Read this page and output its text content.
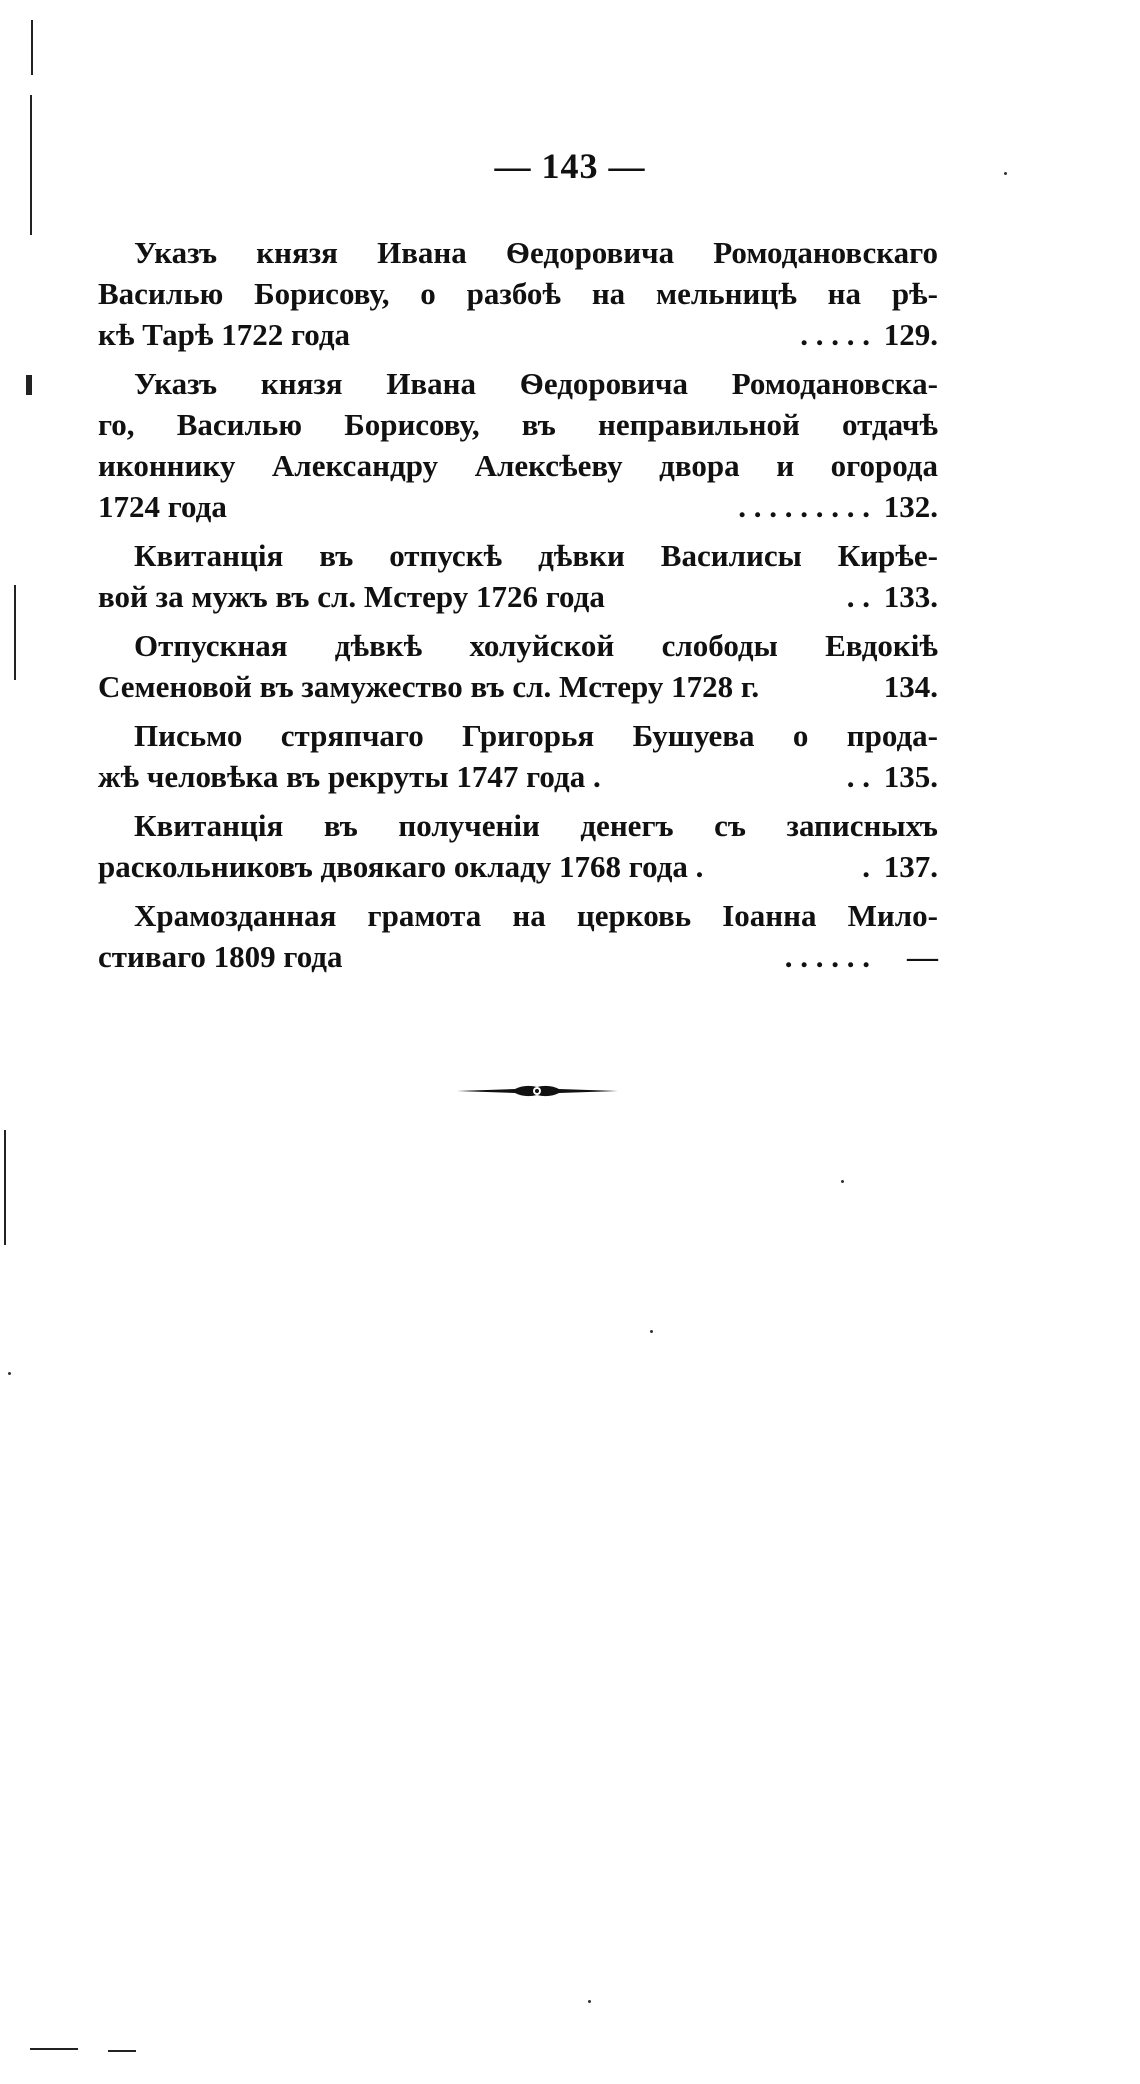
— 143 —
Указъ князя Ивана Ѳедоровича Ромодановскаго
Василью Борисову, о разбоѣ на мельницѣ на рѣ-
кѣ Тарѣ 1722 года	. . . . . 129.
Указъ князя Ивана Ѳедоровича Ромодановска-
го, Василью Борисову, въ неправильной отдачѣ
иконнику Александру Алексѣеву двора и огорода
1724 года	. . . . . . . . . 132.
Квитанція въ отпускѣ дѣвки Василисы Кирѣе-
вой за мужъ въ сл. Мстеру 1726 года	. . 133.
Отпускная дѣвкѣ холуйской слободы Евдокіѣ
Семеновой въ замужество въ сл. Мстеру 1728 г.	134.
Письмо стряпчаго Григорья Бушуева о прода-
жѣ человѣка въ рекруты 1747 года .	. . 135.
Квитанція въ полученіи денегъ съ записныхъ
раскольниковъ двоякаго окладу 1768 года .	. 137.
Храмозданная грамота на церковь Іоанна Мило-
стиваго 1809 года	. . . . . .	—
